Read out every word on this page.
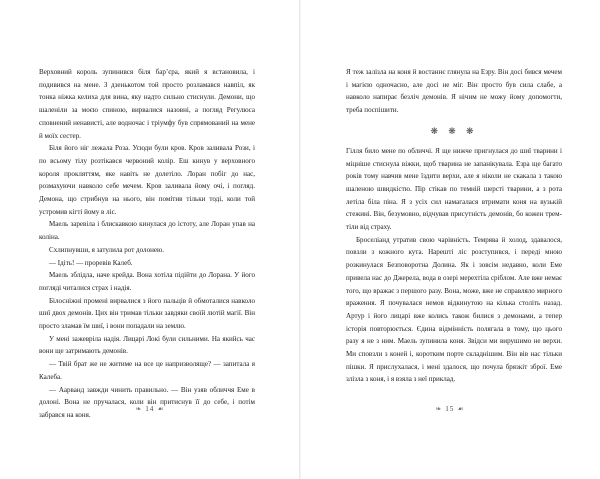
Верховний король зупинився біля бар’єра, який я встановила, і подивився на мене. З дзенькотом той просто розламався навпіл, як тонка ніжка келиха для вина, яку надто сильно стиснули. Демони, що шаленіли за моєю спиною, вирвалися назовні, а погляд Регулюса сповнений ненависті, але водночас і тріумфу був спрямований на мене й моїх сестер.

Біля його ніг лежала Роза. Усюди були кров. Кров заливала Рози, і по всьому тілу розтікався червоний колір. Еш кинув у верховного короля прокляттям, яке навіть не долетіло. Лоран побіг до нас, розмахуючи навколо себе мечем. Кров заливала йому очі, і погляд. Демона, що стрибнув на нього, він помітив тільки тоді, коли той устромив кігті йому в ліс.

Маель заревіла і блискавкою кинулася до істоту, але Лоран упав на коліна.

Схлипнувши, я затулила рот долонею.

— Ідіть! — проревів Калеб.

Маель зблідла, наче крейда. Вона хотіла підійти до Лорана. У його погляді читалися страх і надія.

Білосніжні промені вирвалися з його пальців й обмоталися навколо шиї двох демонів. Цих він тримав тільки завдяки своїй лютій магії. Він просто зламав їм шиї, і вони попадали на землю.

У мені зажевріла надія. Лицарі Локі були сильними. На якийсь час вони ще затримають демонів.

— Твій брат же не житиме на все це напризволяще? — запитала я Калеба.

— Аарванд завжди чинить правильно. — Він узяв обличчя Еме в долоні. Вона не пручалася, коли він притиснув її до себе, і потім забрався на коня.

❧ 14 ☙

Я теж залізла на коня й востаннє глянула на Езру. Він досі бився мечем і магією одночасно, але досі не міг. Він просто був сила слабе, а навколо напирає безліч демонів. Я нічим не можу йому допомогти, треба поспішити.

❋ ❋ ❋

Гілля било мене по обличчі. Я ще нижче пригнулася до шиї тварини і міцніше стиснула віжки, щоб тварина не запанікувала. Езра ще багато років тому навчив мене їздити верхи, але я ніколи не скакала з такою шаленою швидкістю. Пір стікав по темній шерсті тварини, а з рота летіла біла піна. Я з усіх сил намагалася втримати коня на вузькій стежині. Він, безумовно, відчував присутність демонів, бо кожен тремтіли від страху.

Броселіанд утратив свою чарівність. Темрява й холод, здавалося, повзли з кожного кута. Нарешті ліс розступився, і переді мною розкинулася Безповоротна Долина. Як і зовсім недавно, коли Еме привела нас до Джерела, вода в озері мерехтіла сріблом. Але вже немає того, що вражає з першого разу. Вона, може, вже не справляло мирного враження. Я почувалася немов відкинутою на кілька століть назад. Артур і його лицарі вже колись також билися з демонами, а тепер історія повторюється. Єдина відмінність полягала в тому, що цього разу я не з ним. Маель зупинила коня. Звідси ми вирушимо не верхи. Ми сповзли з коней і, коротким порте складнішим. Він вів нас тільки пішки. Я прислухалася, і мені здалося, що почула брязкіт зброї. Еме злізла з коня, і я взяла з неї приклад.

❧ 15 ☙
